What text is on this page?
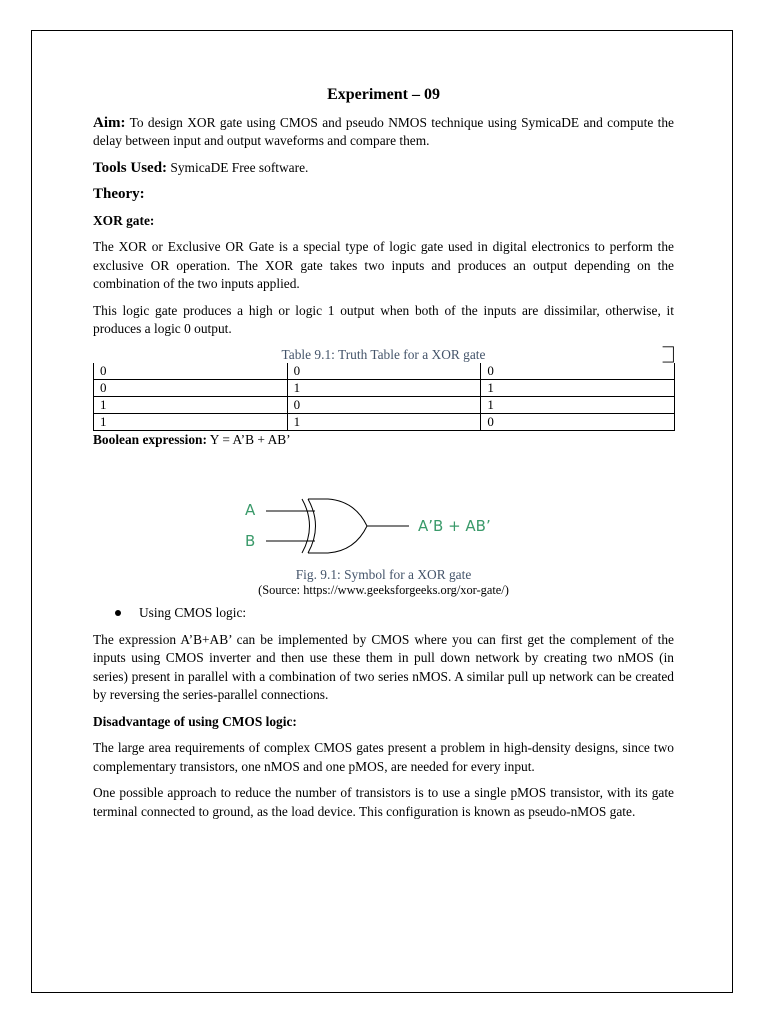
Experiment – 09

Aim: To design XOR gate using CMOS and pseudo NMOS technique using SymicaDE and compute the delay between input and output waveforms and compare them.

Tools Used: SymicaDE Free software.

Theory:
XOR gate:

The XOR or Exclusive OR Gate is a special type of logic gate used in digital electronics to perform the exclusive OR operation. The XOR gate takes two inputs and produces an output depending on the combination of the two inputs applied.

This logic gate produces a high or logic 1 output when both of the inputs are dissimilar, otherwise, it produces a logic 0 output.

Table 9.1: Truth Table for a XOR gate
0	0	0
0	1	1
1	0	1
1	1	0

Boolean expression: Y = A’B + AB’

A
B
A’B + AB’
Fig. 9.1: Symbol for a XOR gate
(Source: https://www.geeksforgeeks.org/xor-gate/)
Using CMOS logic:

The expression A’B+AB’ can be implemented by CMOS where you can first get the complement of the inputs using CMOS inverter and then use these them in pull down network by creating two nMOS (in series) present in parallel with a combination of two series nMOS. A similar pull up network can be created by reversing the series-parallel connections.

Disadvantage of using CMOS logic:

The large area requirements of complex CMOS gates present a problem in high-density designs, since two complementary transistors, one nMOS and one pMOS, are needed for every input.

One possible approach to reduce the number of transistors is to use a single pMOS transistor, with its gate terminal connected to ground, as the load device. This configuration is known as pseudo-nMOS gate.
